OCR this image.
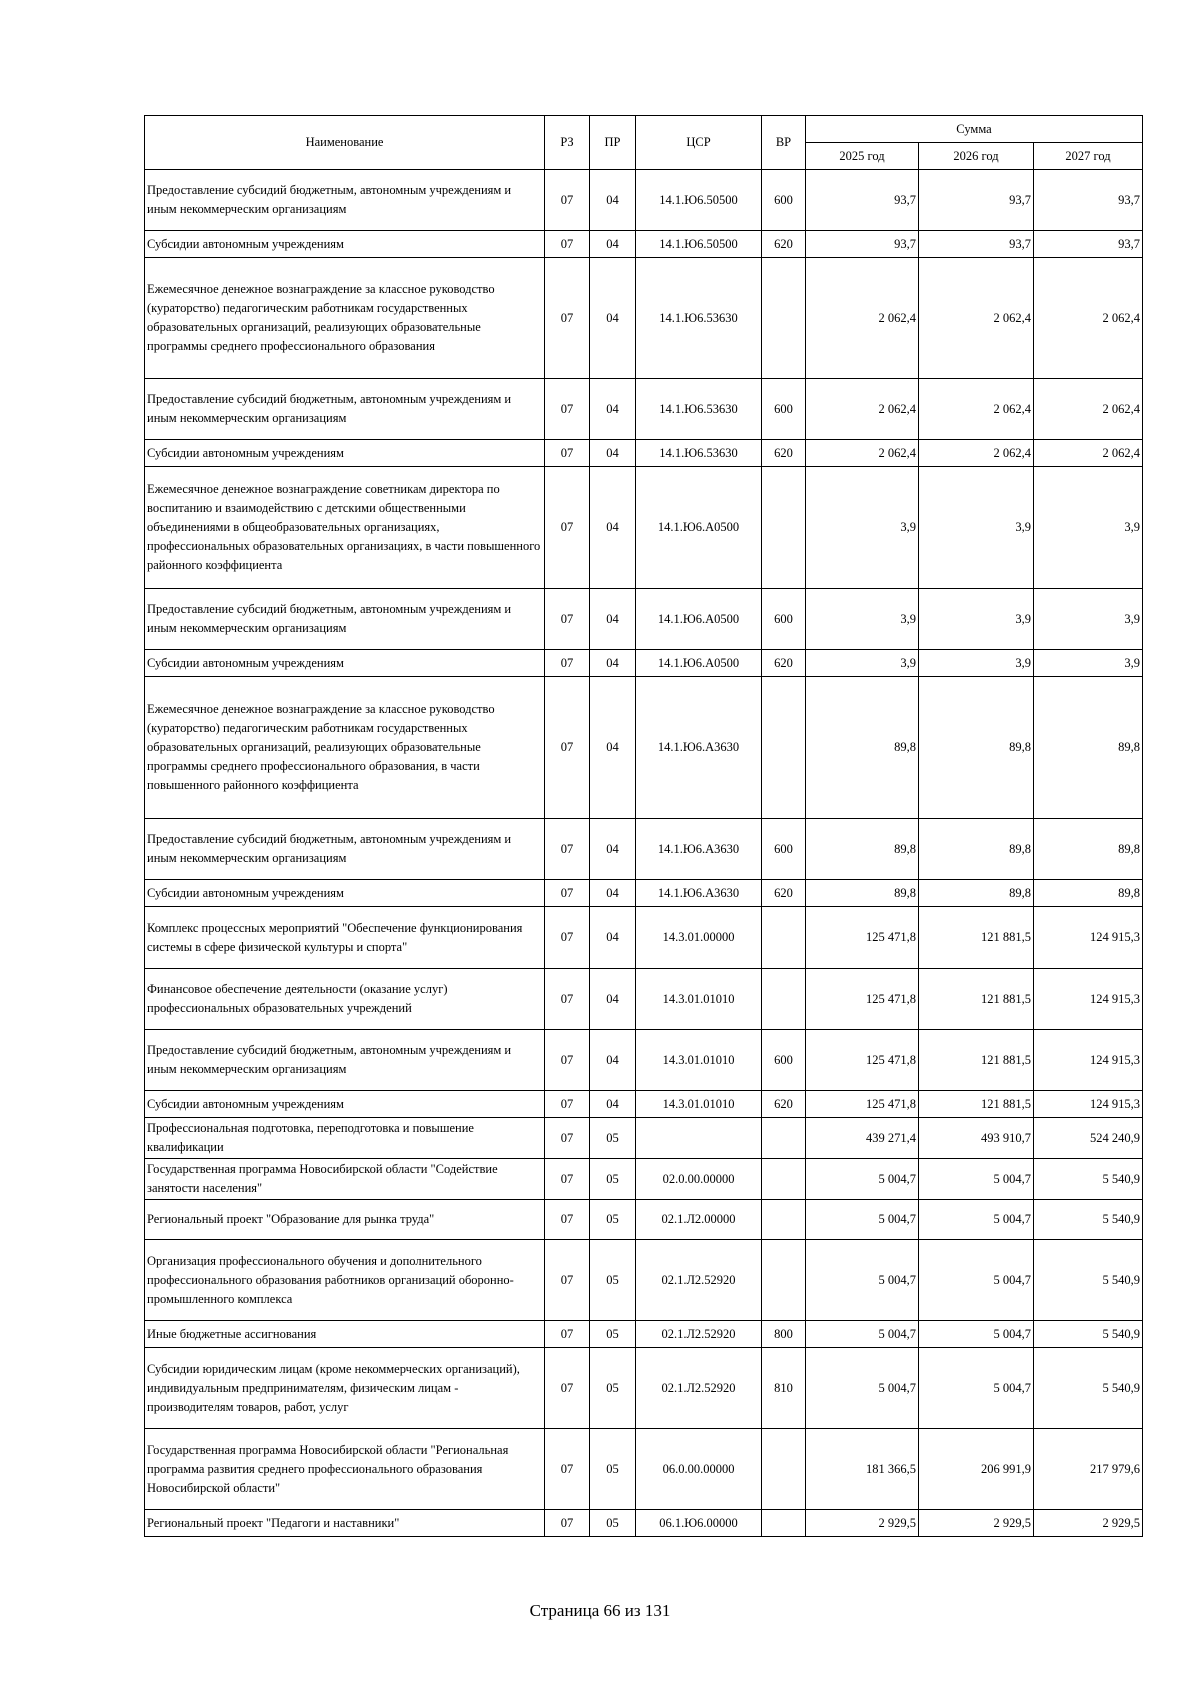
Наименование	РЗ	ПР	ЦСР	ВР	Сумма		
					2025 год	2026 год	2027 год
Предоставление субсидий бюджетным, автономным учреждениям и иным некоммерческим организациям	07	04	14.1.Ю6.50500	600	93,7	93,7	93,7
Субсидии автономным учреждениям	07	04	14.1.Ю6.50500	620	93,7	93,7	93,7
Ежемесячное денежное вознаграждение за классное руководство (кураторство) педагогическим работникам государственных образовательных организаций, реализующих образовательные программы среднего профессионального образования	07	04	14.1.Ю6.53630		2 062,4	2 062,4	2 062,4
Предоставление субсидий бюджетным, автономным учреждениям и иным некоммерческим организациям	07	04	14.1.Ю6.53630	600	2 062,4	2 062,4	2 062,4
Субсидии автономным учреждениям	07	04	14.1.Ю6.53630	620	2 062,4	2 062,4	2 062,4
Ежемесячное денежное вознаграждение советникам директора по воспитанию и взаимодействию с детскими общественными объединениями в общеобразовательных организациях, профессиональных образовательных организациях, в части повышенного районного коэффициента	07	04	14.1.Ю6.А0500		3,9	3,9	3,9
Предоставление субсидий бюджетным, автономным учреждениям и иным некоммерческим организациям	07	04	14.1.Ю6.А0500	600	3,9	3,9	3,9
Субсидии автономным учреждениям	07	04	14.1.Ю6.А0500	620	3,9	3,9	3,9
Ежемесячное денежное вознаграждение за классное руководство (кураторство) педагогическим работникам государственных образовательных организаций, реализующих образовательные программы среднего профессионального образования, в части повышенного районного коэффициента	07	04	14.1.Ю6.А3630		89,8	89,8	89,8
Предоставление субсидий бюджетным, автономным учреждениям и иным некоммерческим организациям	07	04	14.1.Ю6.А3630	600	89,8	89,8	89,8
Субсидии автономным учреждениям	07	04	14.1.Ю6.А3630	620	89,8	89,8	89,8
Комплекс процессных мероприятий "Обеспечение функционирования системы в сфере физической культуры и спорта"	07	04	14.3.01.00000		125 471,8	121 881,5	124 915,3
Финансовое обеспечение деятельности (оказание услуг) профессиональных образовательных учреждений	07	04	14.3.01.01010		125 471,8	121 881,5	124 915,3
Предоставление субсидий бюджетным, автономным учреждениям и иным некоммерческим организациям	07	04	14.3.01.01010	600	125 471,8	121 881,5	124 915,3
Субсидии автономным учреждениям	07	04	14.3.01.01010	620	125 471,8	121 881,5	124 915,3
Профессиональная подготовка, переподготовка и повышение квалификации	07	05			439 271,4	493 910,7	524 240,9
Государственная программа Новосибирской области "Содействие занятости населения"	07	05	02.0.00.00000		5 004,7	5 004,7	5 540,9
Региональный проект "Образование для рынка труда"	07	05	02.1.Л2.00000		5 004,7	5 004,7	5 540,9
Организация профессионального обучения и дополнительного профессионального образования работников организаций оборонно-промышленного комплекса	07	05	02.1.Л2.52920		5 004,7	5 004,7	5 540,9
Иные бюджетные ассигнования	07	05	02.1.Л2.52920	800	5 004,7	5 004,7	5 540,9
Субсидии юридическим лицам (кроме некоммерческих организаций), индивидуальным предпринимателям, физическим лицам - производителям товаров, работ, услуг	07	05	02.1.Л2.52920	810	5 004,7	5 004,7	5 540,9
Государственная программа Новосибирской области "Региональная программа развития среднего профессионального образования Новосибирской области"	07	05	06.0.00.00000		181 366,5	206 991,9	217 979,6
Региональный проект "Педагоги и наставники"	07	05	06.1.Ю6.00000		2 929,5	2 929,5	2 929,5
Страница 66 из 131
